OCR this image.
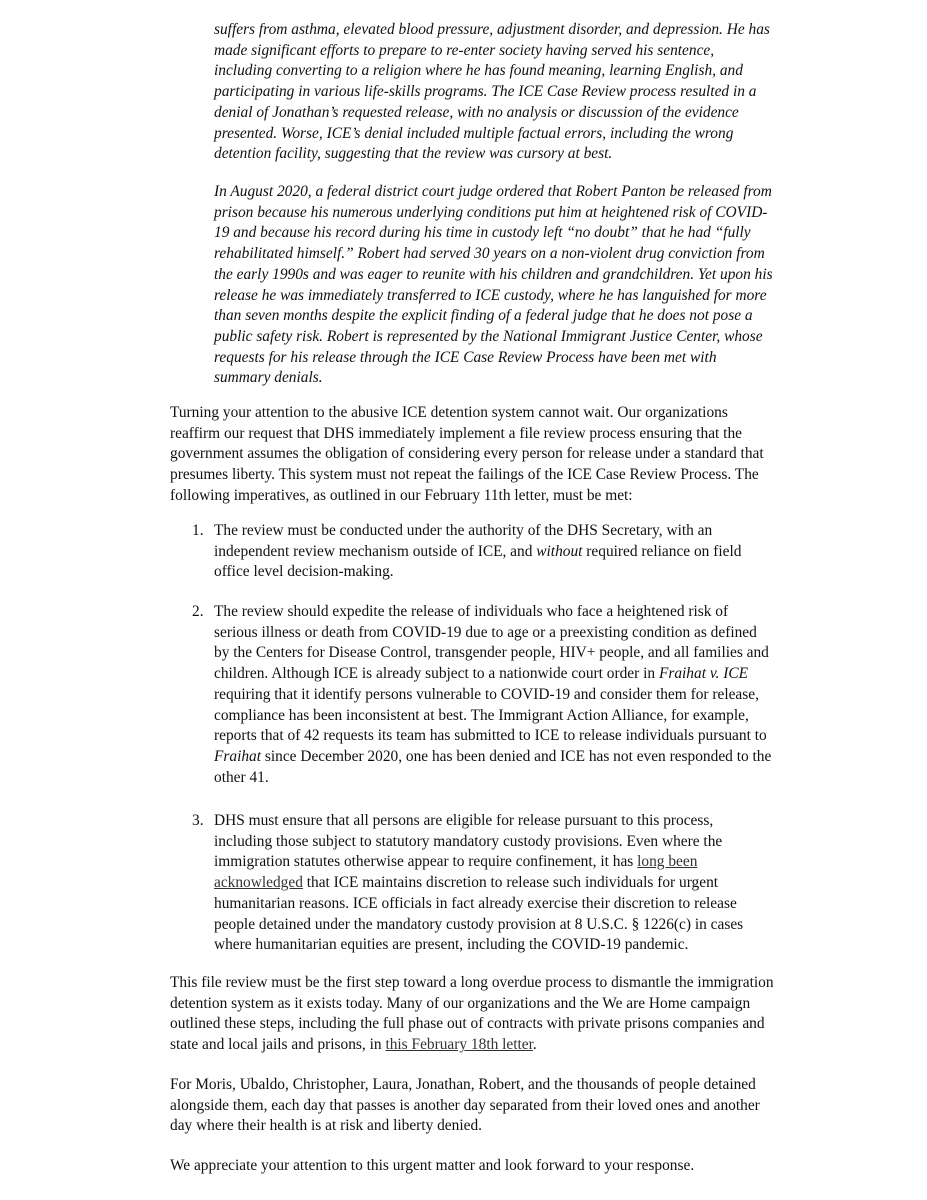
suffers from asthma, elevated blood pressure, adjustment disorder, and depression. He has made significant efforts to prepare to re-enter society having served his sentence, including converting to a religion where he has found meaning, learning English, and participating in various life-skills programs. The ICE Case Review process resulted in a denial of Jonathan’s requested release, with no analysis or discussion of the evidence presented. Worse, ICE’s denial included multiple factual errors, including the wrong detention facility, suggesting that the review was cursory at best.

In August 2020, a federal district court judge ordered that Robert Panton be released from prison because his numerous underlying conditions put him at heightened risk of COVID-19 and because his record during his time in custody left “no doubt” that he had “fully rehabilitated himself.” Robert had served 30 years on a non-violent drug conviction from the early 1990s and was eager to reunite with his children and grandchildren. Yet upon his release he was immediately transferred to ICE custody, where he has languished for more than seven months despite the explicit finding of a federal judge that he does not pose a public safety risk. Robert is represented by the National Immigrant Justice Center, whose requests for his release through the ICE Case Review Process have been met with summary denials.

Turning your attention to the abusive ICE detention system cannot wait. Our organizations reaffirm our request that DHS immediately implement a file review process ensuring that the government assumes the obligation of considering every person for release under a standard that presumes liberty. This system must not repeat the failings of the ICE Case Review Process. The following imperatives, as outlined in our February 11th letter, must be met:

1. The review must be conducted under the authority of the DHS Secretary, with an independent review mechanism outside of ICE, and without required reliance on field office level decision-making.

2. The review should expedite the release of individuals who face a heightened risk of serious illness or death from COVID-19 due to age or a preexisting condition as defined by the Centers for Disease Control, transgender people, HIV+ people, and all families and children. Although ICE is already subject to a nationwide court order in Fraihat v. ICE requiring that it identify persons vulnerable to COVID-19 and consider them for release, compliance has been inconsistent at best. The Immigrant Action Alliance, for example, reports that of 42 requests its team has submitted to ICE to release individuals pursuant to Fraihat since December 2020, one has been denied and ICE has not even responded to the other 41.

3. DHS must ensure that all persons are eligible for release pursuant to this process, including those subject to statutory mandatory custody provisions. Even where the immigration statutes otherwise appear to require confinement, it has long been acknowledged that ICE maintains discretion to release such individuals for urgent humanitarian reasons. ICE officials in fact already exercise their discretion to release people detained under the mandatory custody provision at 8 U.S.C. § 1226(c) in cases where humanitarian equities are present, including the COVID-19 pandemic.

This file review must be the first step toward a long overdue process to dismantle the immigration detention system as it exists today. Many of our organizations and the We are Home campaign outlined these steps, including the full phase out of contracts with private prisons companies and state and local jails and prisons, in this February 18th letter.

For Moris, Ubaldo, Christopher, Laura, Jonathan, Robert, and the thousands of people detained alongside them, each day that passes is another day separated from their loved ones and another day where their health is at risk and liberty denied.

We appreciate your attention to this urgent matter and look forward to your response.
